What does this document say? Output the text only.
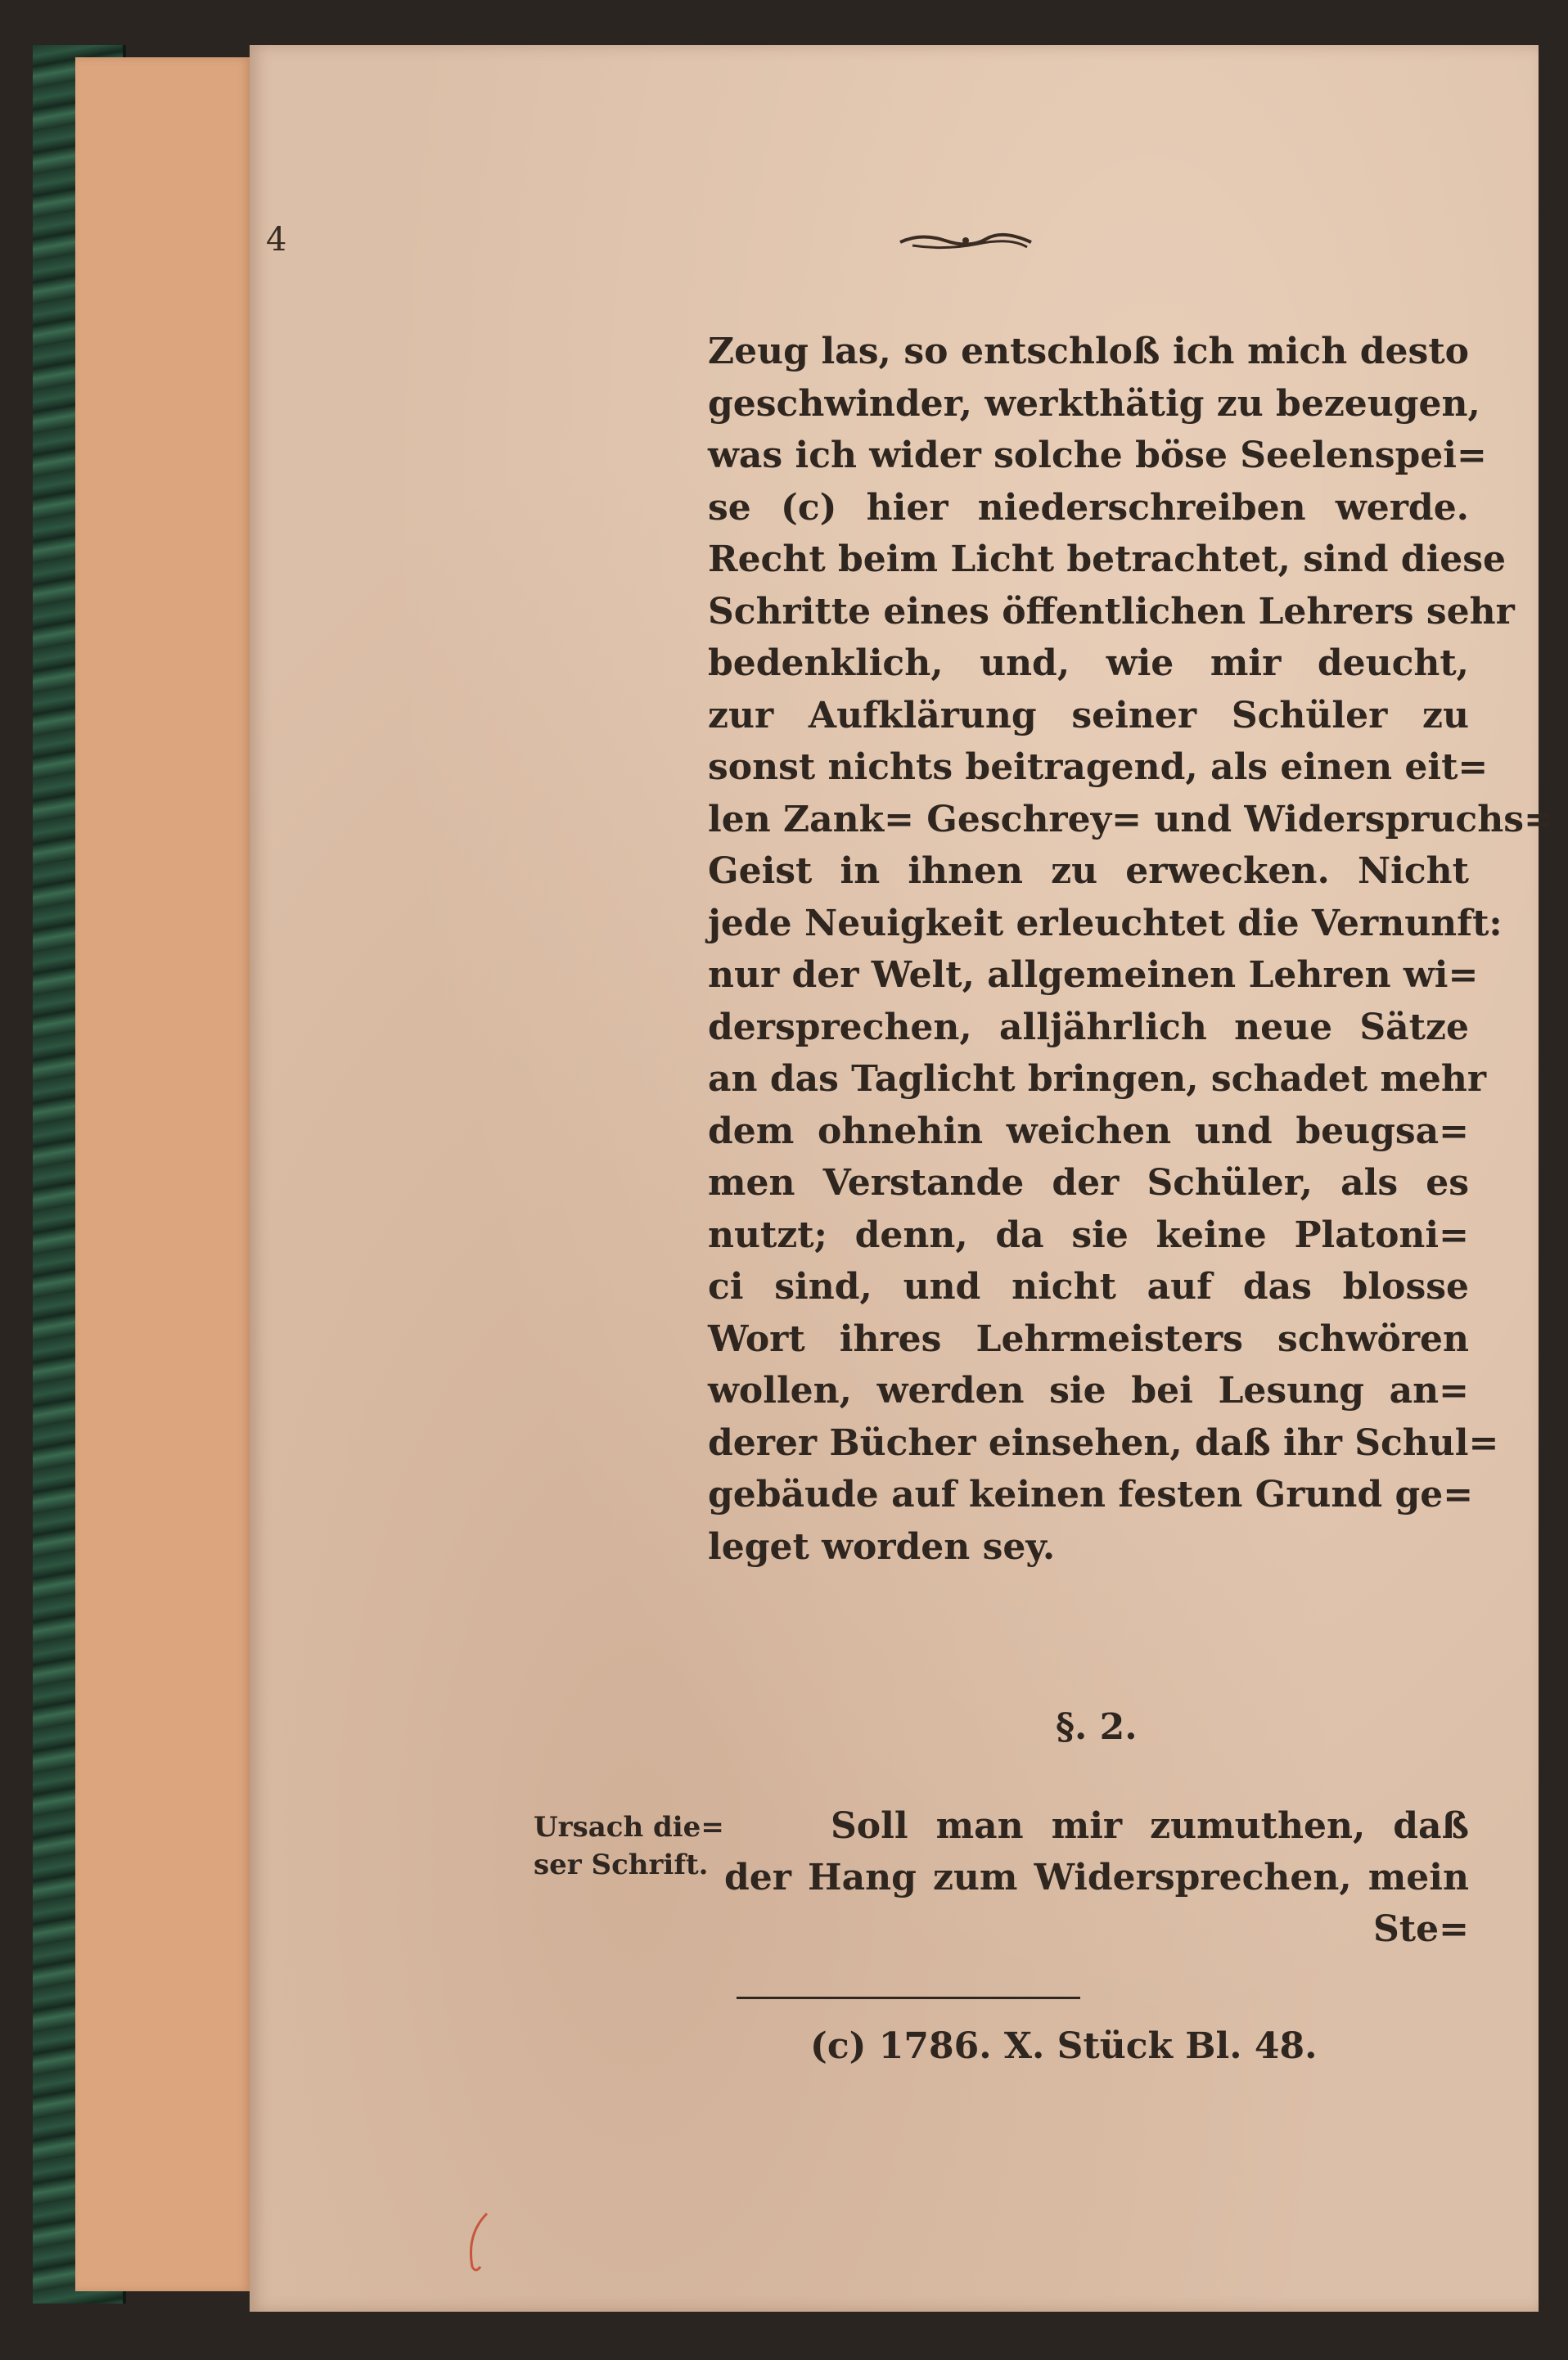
4
Zeug las, so entschloß ich mich desto
geschwinder, werkthätig zu bezeugen,
was ich wider solche böse Seelenspei=
se (c) hier niederschreiben werde.
Recht beim Licht betrachtet, sind diese
Schritte eines öffentlichen Lehrers sehr
bedenklich, und, wie mir deucht,
zur Aufklärung seiner Schüler zu
sonst nichts beitragend, als einen eit=
len Zank= Geschrey= und Widerspruchs=
Geist in ihnen zu erwecken. Nicht
jede Neuigkeit erleuchtet die Vernunft:
nur der Welt, allgemeinen Lehren wi=
dersprechen, alljährlich neue Sätze
an das Taglicht bringen, schadet mehr
dem ohnehin weichen und beugsa=
men Verstande der Schüler, als es
nutzt; denn, da sie keine Platoni=
ci sind, und nicht auf das blosse
Wort ihres Lehrmeisters schwören
wollen, werden sie bei Lesung an=
derer Bücher einsehen, daß ihr Schul=
gebäude auf keinen festen Grund ge=
leget worden sey.
§. 2.
Ursach die=
ser Schrift.
Soll man mir zumuthen, daß
der Hang zum Widersprechen, mein
Ste=
(c) 1786. X. Stück Bl. 48.
